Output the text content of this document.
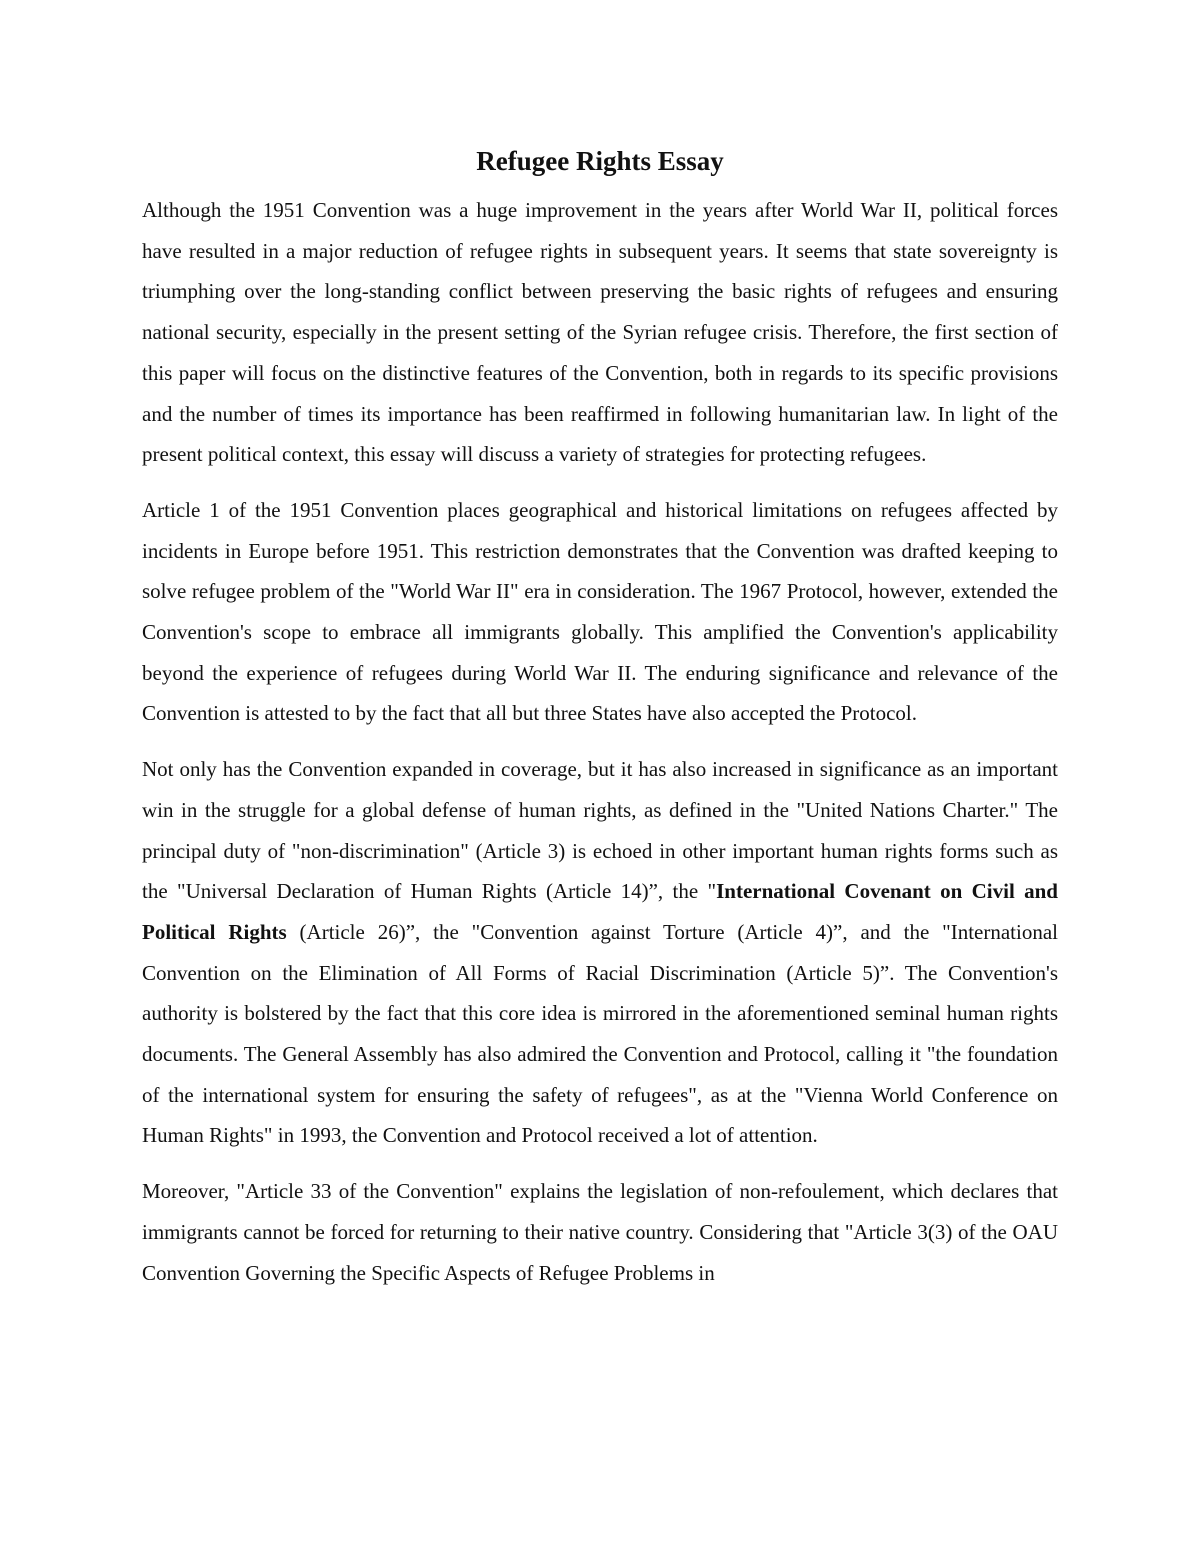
Refugee Rights Essay

Although the 1951 Convention was a huge improvement in the years after World War II, political forces have resulted in a major reduction of refugee rights in subsequent years. It seems that state sovereignty is triumphing over the long-standing conflict between preserving the basic rights of refugees and ensuring national security, especially in the present setting of the Syrian refugee crisis. Therefore, the first section of this paper will focus on the distinctive features of the Convention, both in regards to its specific provisions and the number of times its importance has been reaffirmed in following humanitarian law. In light of the present political context, this essay will discuss a variety of strategies for protecting refugees.

Article 1 of the 1951 Convention places geographical and historical limitations on refugees affected by incidents in Europe before 1951. This restriction demonstrates that the Convention was drafted keeping to solve refugee problem of the "World War II" era in consideration. The 1967 Protocol, however, extended the Convention's scope to embrace all immigrants globally. This amplified the Convention's applicability beyond the experience of refugees during World War II. The enduring significance and relevance of the Convention is attested to by the fact that all but three States have also accepted the Protocol.

Not only has the Convention expanded in coverage, but it has also increased in significance as an important win in the struggle for a global defense of human rights, as defined in the "United Nations Charter." The principal duty of "non-discrimination" (Article 3) is echoed in other important human rights forms such as the "Universal Declaration of Human Rights (Article 14)”, the "International Covenant on Civil and Political Rights (Article 26)”, the "Convention against Torture (Article 4)”, and the "International Convention on the Elimination of All Forms of Racial Discrimination (Article 5)”. The Convention's authority is bolstered by the fact that this core idea is mirrored in the aforementioned seminal human rights documents. The General Assembly has also admired the Convention and Protocol, calling it "the foundation of the international system for ensuring the safety of refugees", as at the "Vienna World Conference on Human Rights" in 1993, the Convention and Protocol received a lot of attention.

Moreover, "Article 33 of the Convention" explains the legislation of non-refoulement, which declares that immigrants cannot be forced for returning to their native country. Considering that "Article 3(3) of the OAU Convention Governing the Specific Aspects of Refugee Problems in
